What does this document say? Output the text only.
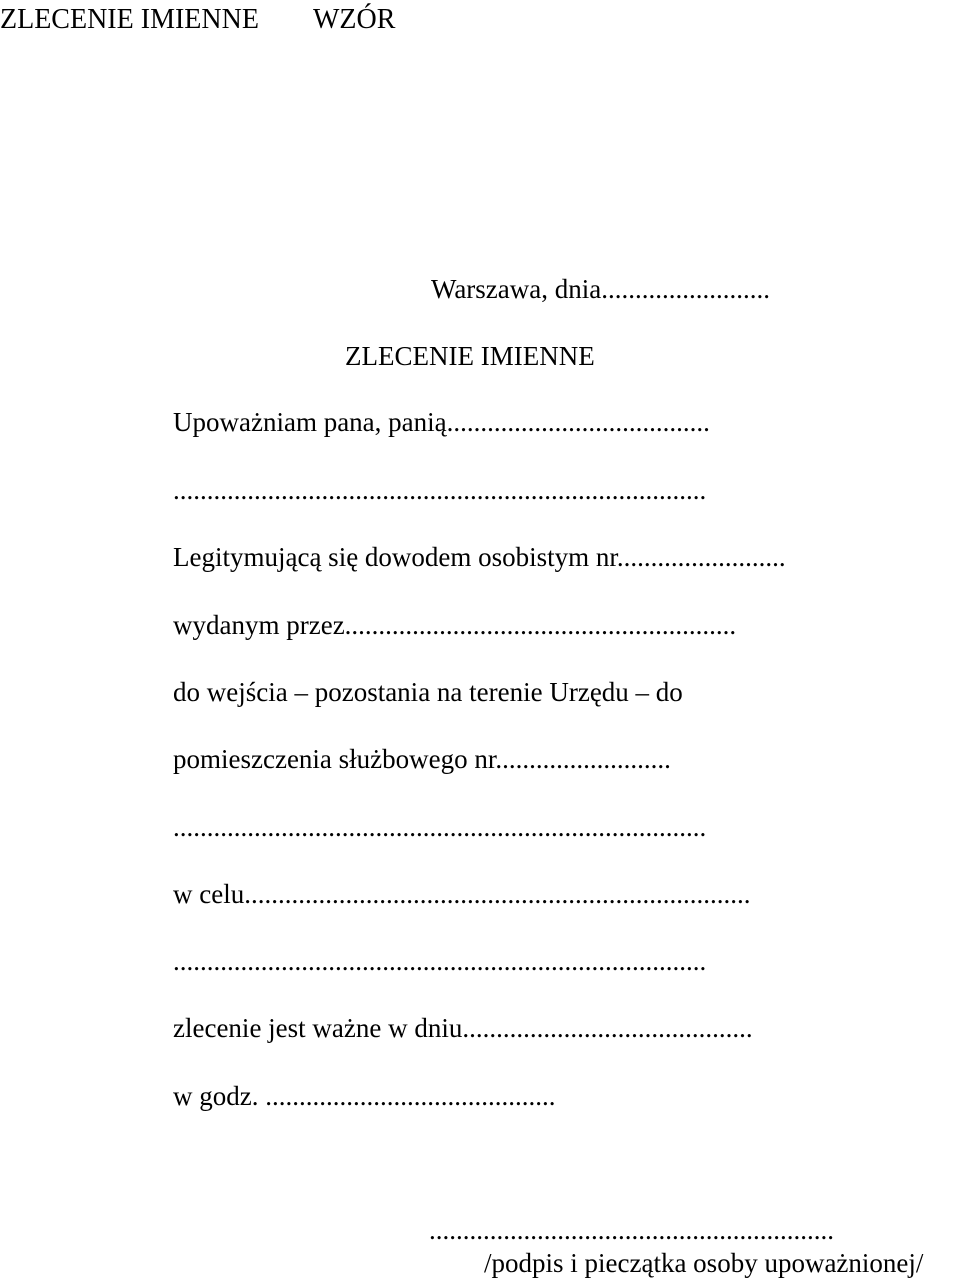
ZLECENIE IMIENNE WZÓR
Warszawa, dnia.........................
ZLECENIE IMIENNE
Upoważniam pana, panią.......................................
...............................................................................
Legitymującą się dowodem osobistym nr.........................
wydanym przez..........................................................
do wejścia – pozostania na terenie Urzędu – do
pomieszczenia służbowego nr..........................
...............................................................................
w celu...........................................................................
...............................................................................
zlecenie jest ważne w dniu...........................................
w godz. ...........................................
............................................................
/podpis i pieczątka osoby upoważnionej/
